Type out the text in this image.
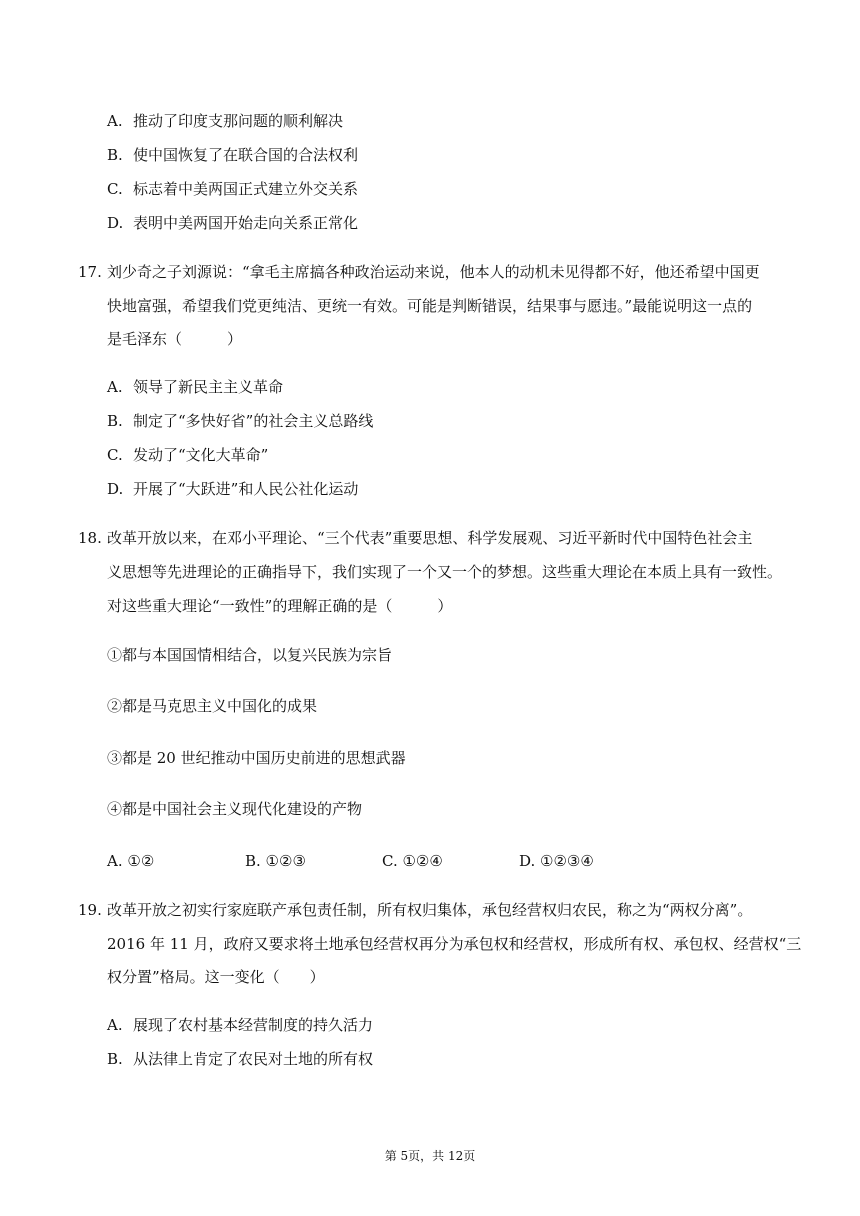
A. 推动了印度支那问题的顺利解决
B. 使中国恢复了在联合国的合法权利
C. 标志着中美两国正式建立外交关系
D. 表明中美两国开始走向关系正常化
17. 刘少奇之子刘源说：“拿毛主席搞各种政治运动来说，他本人的动机未见得都不好，他还希望中国更
快地富强，希望我们党更纯洁、更统一有效。可能是判断错误，结果事与愿违。”最能说明这一点的
是毛泽东（　　　）
A. 领导了新民主主义革命
B. 制定了“多快好省”的社会主义总路线
C. 发动了“文化大革命”
D. 开展了“大跃进”和人民公社化运动
18. 改革开放以来，在邓小平理论、“三个代表”重要思想、科学发展观、习近平新时代中国特色社会主
义思想等先进理论的正确指导下，我们实现了一个又一个的梦想。这些重大理论在本质上具有一致性。
对这些重大理论“一致性”的理解正确的是（　　　）
①都与本国国情相结合，以复兴民族为宗旨
②都是马克思主义中国化的成果
③都是 20 世纪推动中国历史前进的思想武器
④都是中国社会主义现代化建设的产物
A. ①②	B. ①②③	C. ①②④	D. ①②③④
19. 改革开放之初实行家庭联产承包责任制，所有权归集体，承包经营权归农民，称之为“两权分离”。
2016 年 11 月，政府又要求将土地承包经营权再分为承包权和经营权，形成所有权、承包权、经营权“三
权分置”格局。这一变化（　　）
A. 展现了农村基本经营制度的持久活力
B. 从法律上肯定了农民对土地的所有权
第 5页，共 12页
